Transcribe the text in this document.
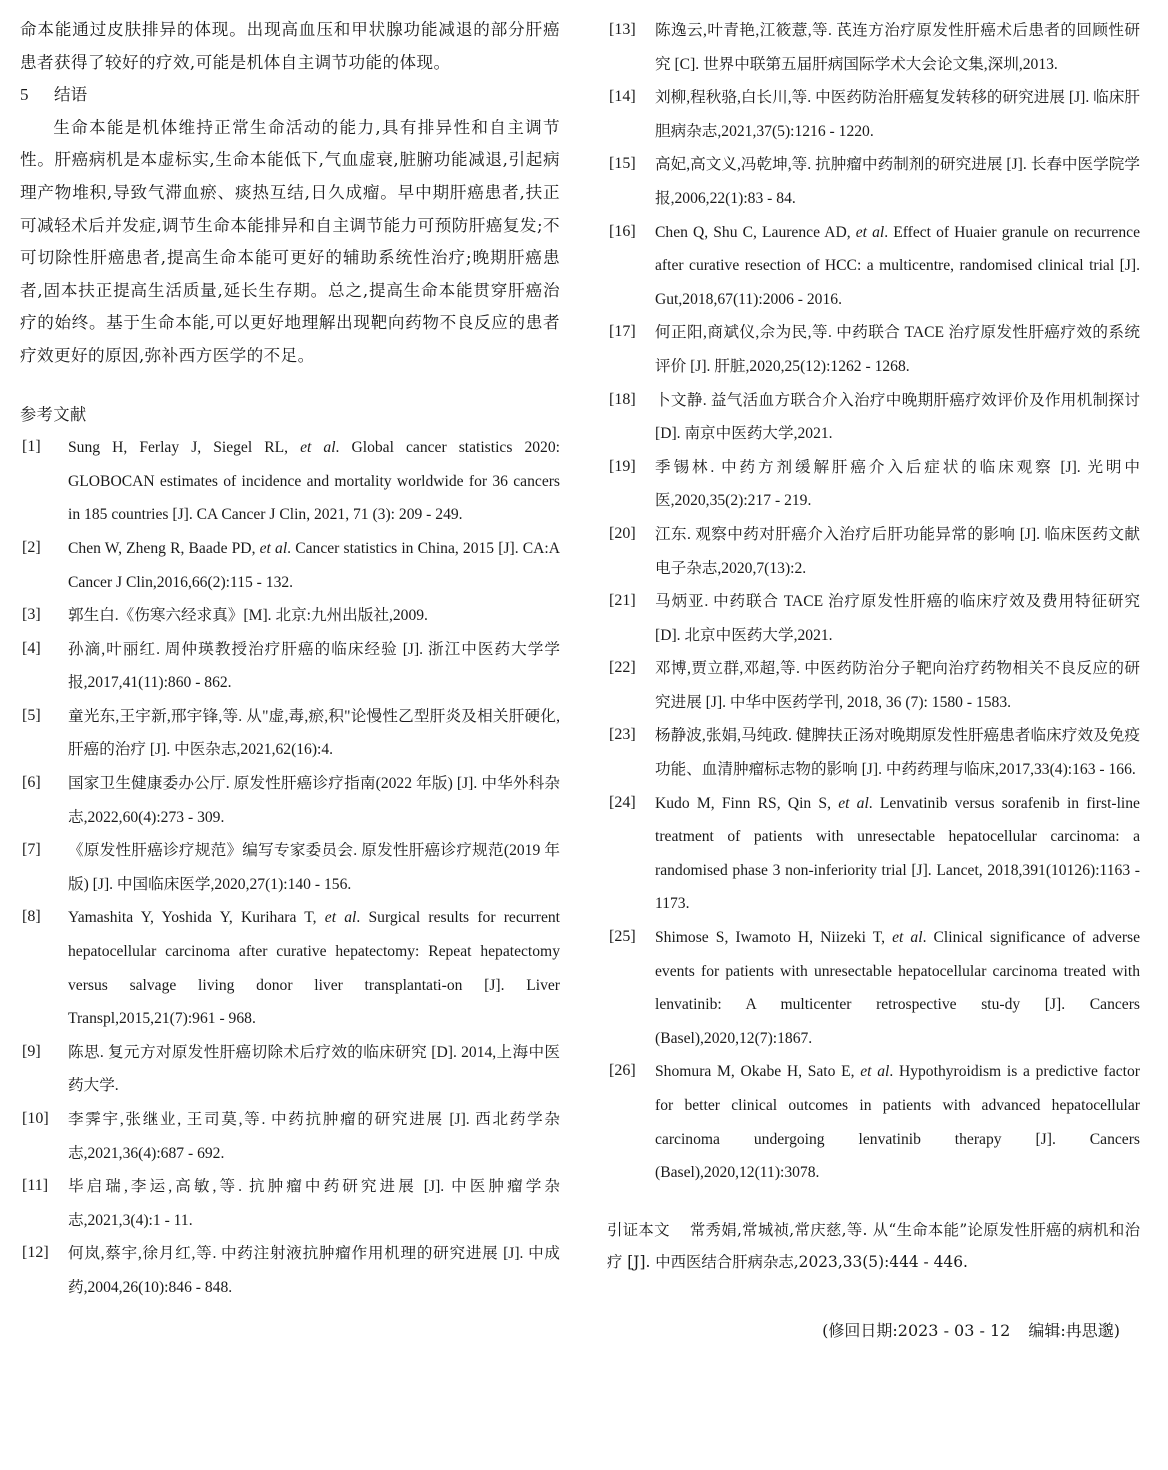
命本能通过皮肤排异的体现。出现高血压和甲状腺功能减退的部分肝癌患者获得了较好的疗效,可能是机体自主调节功能的体现。

5 结语

生命本能是机体维持正常生命活动的能力,具有排异性和自主调节性。肝癌病机是本虚标实,生命本能低下,气血虚衰,脏腑功能减退,引起病理产物堆积,导致气滞血瘀、痰热互结,日久成瘤。早中期肝癌患者,扶正可减轻术后并发症,调节生命本能排异和自主调节能力可预防肝癌复发;不可切除性肝癌患者,提高生命本能可更好的辅助系统性治疗;晚期肝癌患者,固本扶正提高生活质量,延长生存期。总之,提高生命本能贯穿肝癌治疗的始终。基于生命本能,可以更好地理解出现靶向药物不良反应的患者疗效更好的原因,弥补西方医学的不足。

参考文献

[1] Sung H, Ferlay J, Siegel RL, et al. Global cancer statistics 2020: GLOBOCAN estimates of incidence and mortality worldwide for 36 cancers in 185 countries [J]. CA Cancer J Clin, 2021, 71 (3): 209 - 249.

[2] Chen W, Zheng R, Baade PD, et al. Cancer statistics in China, 2015 [J]. CA:A Cancer J Clin,2016,66(2):115 - 132.

[3] 郭生白.《伤寒六经求真》[M]. 北京:九州出版社,2009.

[4] 孙滴,叶丽红. 周仲瑛教授治疗肝癌的临床经验 [J]. 浙江中医药大学学报,2017,41(11):860 - 862.

[5] 童光东,王宇新,邢宇锋,等. 从"虚,毒,瘀,积"论慢性乙型肝炎及相关肝硬化,肝癌的治疗 [J]. 中医杂志,2021,62(16):4.

[6] 国家卫生健康委办公厅. 原发性肝癌诊疗指南(2022 年版) [J]. 中华外科杂志,2022,60(4):273 - 309.

[7] 《原发性肝癌诊疗规范》编写专家委员会. 原发性肝癌诊疗规范(2019 年版) [J]. 中国临床医学,2020,27(1):140 - 156.

[8] Yamashita Y, Yoshida Y, Kurihara T, et al. Surgical results for recurrent hepatocellular carcinoma after curative hepatectomy: Repeat hepatectomy versus salvage living donor liver transplantati-on [J]. Liver Transpl,2015,21(7):961 - 968.

[9] 陈思. 复元方对原发性肝癌切除术后疗效的临床研究 [D]. 2014,上海中医药大学.

[10] 李霁宇,张继业, 王司莫,等. 中药抗肿瘤的研究进展 [J]. 西北药学杂志,2021,36(4):687 - 692.

[11] 毕启瑞,李运,高敏,等. 抗肿瘤中药研究进展 [J]. 中医肿瘤学杂志,2021,3(4):1 - 11.

[12] 何岚,蔡宇,徐月红,等. 中药注射液抗肿瘤作用机理的研究进展 [J]. 中成药,2004,26(10):846 - 848.

[13] 陈逸云,叶青艳,江筱薏,等. 芪连方治疗原发性肝癌术后患者的回顾性研究 [C]. 世界中联第五届肝病国际学术大会论文集,深圳,2013.

[14] 刘柳,程秋骆,白长川,等. 中医药防治肝癌复发转移的研究进展 [J]. 临床肝胆病杂志,2021,37(5):1216 - 1220.

[15] 高妃,高文义,冯乾坤,等. 抗肿瘤中药制剂的研究进展 [J]. 长春中医学院学报,2006,22(1):83 - 84.

[16] Chen Q, Shu C, Laurence AD, et al. Effect of Huaier granule on recurrence after curative resection of HCC: a multicentre, randomised clinical trial [J]. Gut,2018,67(11):2006 - 2016.

[17] 何正阳,商斌仪,佘为民,等. 中药联合 TACE 治疗原发性肝癌疗效的系统评价 [J]. 肝脏,2020,25(12):1262 - 1268.

[18] 卜文静. 益气活血方联合介入治疗中晚期肝癌疗效评价及作用机制探讨 [D]. 南京中医药大学,2021.

[19] 季锡林. 中药方剂缓解肝癌介入后症状的临床观察 [J]. 光明中医,2020,35(2):217 - 219.

[20] 江东. 观察中药对肝癌介入治疗后肝功能异常的影响 [J]. 临床医药文献电子杂志,2020,7(13):2.

[21] 马炳亚. 中药联合 TACE 治疗原发性肝癌的临床疗效及费用特征研究 [D]. 北京中医药大学,2021.

[22] 邓博,贾立群,邓超,等. 中医药防治分子靶向治疗药物相关不良反应的研究进展 [J]. 中华中医药学刊, 2018, 36 (7): 1580 - 1583.

[23] 杨静波,张娟,马纯政. 健脾扶正汤对晚期原发性肝癌患者临床疗效及免疫功能、血清肿瘤标志物的影响 [J]. 中药药理与临床,2017,33(4):163 - 166.

[24] Kudo M, Finn RS, Qin S, et al. Lenvatinib versus sorafenib in first-line treatment of patients with unresectable hepatocellular carcinoma: a randomised phase 3 non-inferiority trial [J]. Lancet, 2018,391(10126):1163 - 1173.

[25] Shimose S, Iwamoto H, Niizeki T, et al. Clinical significance of adverse events for patients with unresectable hepatocellular carcinoma treated with lenvatinib: A multicenter retrospective stu-dy [J]. Cancers (Basel),2020,12(7):1867.

[26] Shomura M, Okabe H, Sato E, et al. Hypothyroidism is a predictive factor for better clinical outcomes in patients with advanced hepatocellular carcinoma undergoing lenvatinib therapy [J]. Cancers (Basel),2020,12(11):3078.

引证本文 常秀娟,常城祯,常庆慈,等. 从“生命本能”论原发性肝癌的病机和治疗 [J]. 中西医结合肝病杂志,2023,33(5):444 - 446.

(修回日期:2023 - 03 - 12 编辑:冉思邈)
